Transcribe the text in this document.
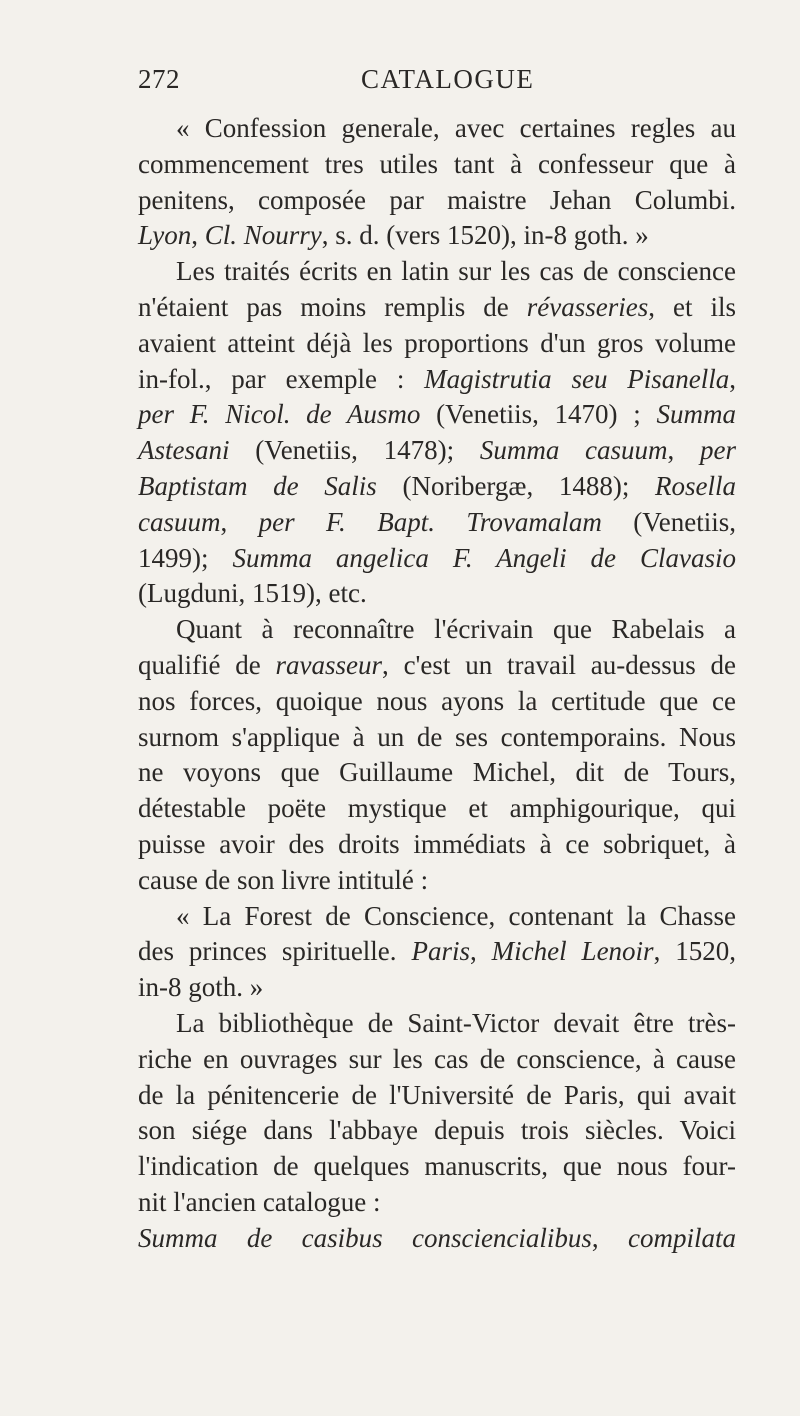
272	CATALOGUE
« Confession generale, avec certaines regles au
commencement tres utiles tant à confesseur que à
penitens, composée par maistre Jehan Columbi.
Lyon, Cl. Nourry, s. d. (vers 1520), in-8 goth. »
Les traités écrits en latin sur les cas de conscience
n'étaient pas moins remplis de révasseries, et ils
avaient atteint déjà les proportions d'un gros volume
in-fol., par exemple : Magistrutia seu Pisanella,
per F. Nicol. de Ausmo (Venetiis, 1470) ; Summa
Astesani (Venetiis, 1478); Summa casuum, per
Baptistam de Salis (Noribergæ, 1488); Rosella
casuum, per F. Bapt. Trovamalam (Venetiis,
1499); Summa angelica F. Angeli de Clavasio
(Lugduni, 1519), etc.
Quant à reconnaître l'écrivain que Rabelais a
qualifié de ravasseur, c'est un travail au-dessus de
nos forces, quoique nous ayons la certitude que ce
surnom s'applique à un de ses contemporains. Nous
ne voyons que Guillaume Michel, dit de Tours,
détestable poëte mystique et amphigourique, qui
puisse avoir des droits immédiats à ce sobriquet, à
cause de son livre intitulé :
« La Forest de Conscience, contenant la Chasse
des princes spirituelle. Paris, Michel Lenoir, 1520,
in-8 goth. »
La bibliothèque de Saint-Victor devait être très-
riche en ouvrages sur les cas de conscience, à cause
de la pénitencerie de l'Université de Paris, qui avait
son siége dans l'abbaye depuis trois siècles. Voici
l'indication de quelques manuscrits, que nous four-
nit l'ancien catalogue :
Summa de casibus consciencialibus, compilata
